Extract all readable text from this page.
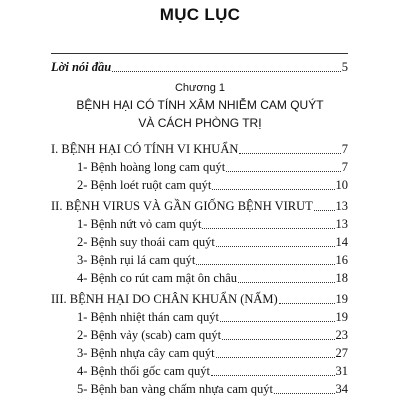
MỤC LỤC
Lời nói đầu	5
Chương 1
BỆNH HẠI CÓ TÍNH XÂM NHIỄM CAM QUÝT
VÀ CÁCH PHÒNG TRỊ
I. BỆNH HẠI CÓ TÍNH VI KHUẨN	7
1- Bệnh hoàng long cam quýt	7
2- Bệnh loét ruột cam quýt	10
II. BỆNH VIRUS VÀ GẦN GIỐNG BỆNH VIRUT 13
1- Bệnh nứt vỏ cam quýt	13
2- Bệnh suy thoái cam quýt	14
3- Bệnh rụi lá cam quýt	16
4- Bệnh co rút cam mật ôn châu	18
III. BỆNH HẠI DO CHÂN KHUẨN (NẤM)	19
1- Bệnh nhiệt thán cam quýt	19
2- Bệnh vảy (scab) cam quýt	23
3- Bệnh nhựa cây cam quýt	27
4- Bệnh thối gốc cam quýt	31
5- Bệnh ban vàng chấm nhựa cam quýt	34
